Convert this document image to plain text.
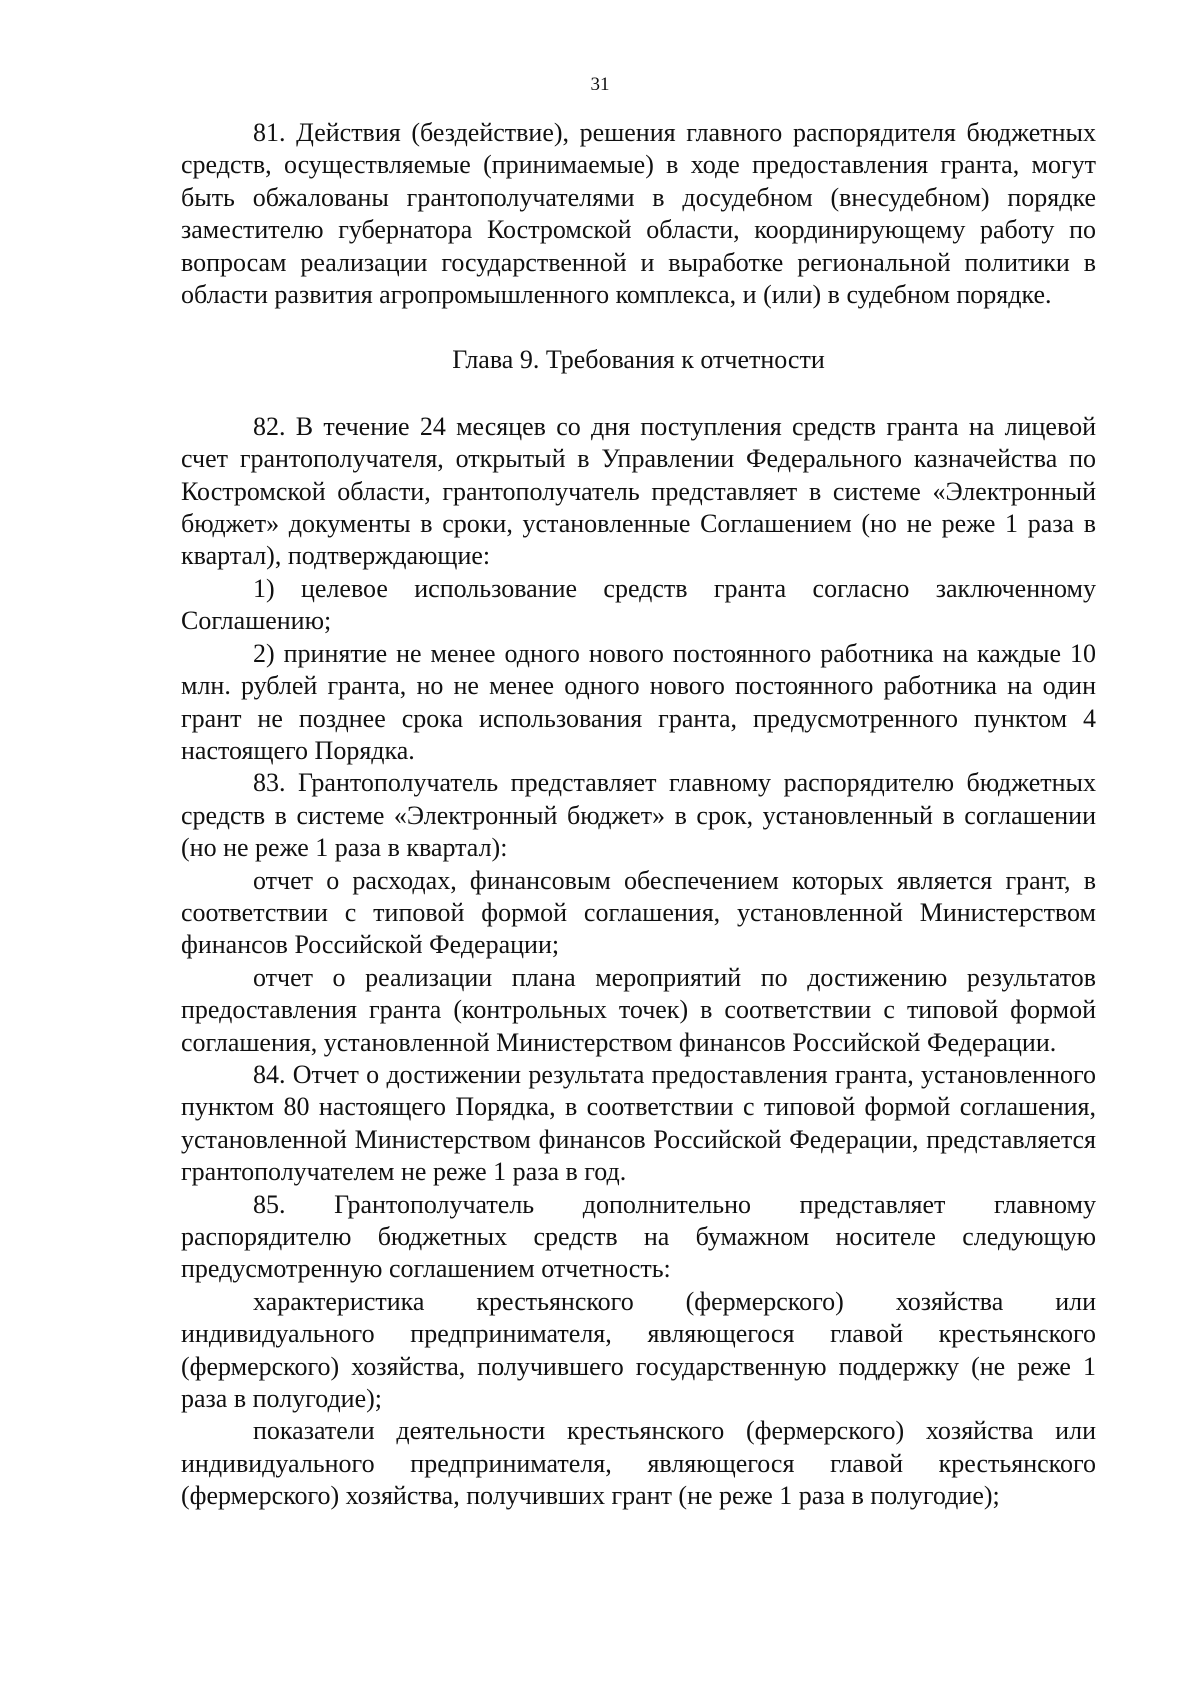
31

81. Действия (бездействие), решения главного распорядителя бюджетных средств, осуществляемые (принимаемые) в ходе предоставления гранта, могут быть обжалованы грантополучателями в досудебном (внесудебном) порядке заместителю губернатора Костромской области, координирующему работу по вопросам реализации государственной и выработке региональной политики в области развития агропромышленного комплекса, и (или) в судебном порядке.

Глава 9. Требования к отчетности

82. В течение 24 месяцев со дня поступления средств гранта на лицевой счет грантополучателя, открытый в Управлении Федерального казначейства по Костромской области, грантополучатель представляет в системе «Электронный бюджет» документы в сроки, установленные Соглашением (но не реже 1 раза в квартал), подтверждающие:

1) целевое использование средств гранта согласно заключенному Соглашению;

2) принятие не менее одного нового постоянного работника на каждые 10 млн. рублей гранта, но не менее одного нового постоянного работника на один грант не позднее срока использования гранта, предусмотренного пунктом 4 настоящего Порядка.

83. Грантополучатель представляет главному распорядителю бюджетных средств в системе «Электронный бюджет» в срок, установленный в соглашении (но не реже 1 раза в квартал):

отчет о расходах, финансовым обеспечением которых является грант, в соответствии с типовой формой соглашения, установленной Министерством финансов Российской Федерации;

отчет о реализации плана мероприятий по достижению результатов предоставления гранта (контрольных точек) в соответствии с типовой формой соглашения, установленной Министерством финансов Российской Федерации.

84. Отчет о достижении результата предоставления гранта, установленного пунктом 80 настоящего Порядка, в соответствии с типовой формой соглашения, установленной Министерством финансов Российской Федерации, представляется грантополучателем не реже 1 раза в год.

85. Грантополучатель дополнительно представляет главному распорядителю бюджетных средств на бумажном носителе следующую предусмотренную соглашением отчетность:

характеристика крестьянского (фермерского) хозяйства или индивидуального предпринимателя, являющегося главой крестьянского (фермерского) хозяйства, получившего государственную поддержку (не реже 1 раза в полугодие);

показатели деятельности крестьянского (фермерского) хозяйства или индивидуального предпринимателя, являющегося главой крестьянского (фермерского) хозяйства, получивших грант (не реже 1 раза в полугодие);
